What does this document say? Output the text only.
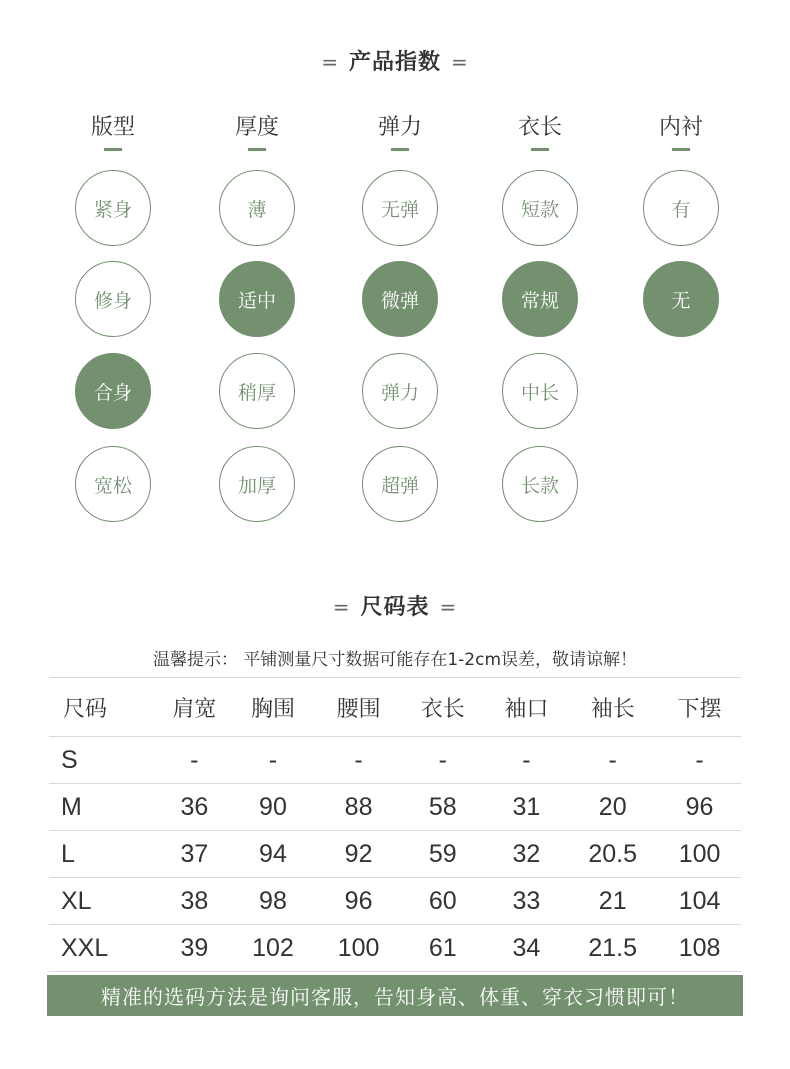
= 产品指数 =
版型
紧身
修身
合身
宽松
厚度
薄
适中
稍厚
加厚
弹力
无弹
微弹
弹力
超弹
衣长
短款
常规
中长
长款
内衬
有
无
= 尺码表 =
温馨提示： 平铺测量尺寸数据可能存在1-2cm误差，敬请谅解！
尺码	肩宽	胸围	腰围	衣长	袖口	袖长	下摆
S	-	-	-	-	-	-	-
M	36	90	88	58	31	20	96
L	37	94	92	59	32	20.5	100
XL	38	98	96	60	33	21	104
XXL	39	102	100	61	34	21.5	108
精准的选码方法是询问客服，告知身高、体重、穿衣习惯即可！
